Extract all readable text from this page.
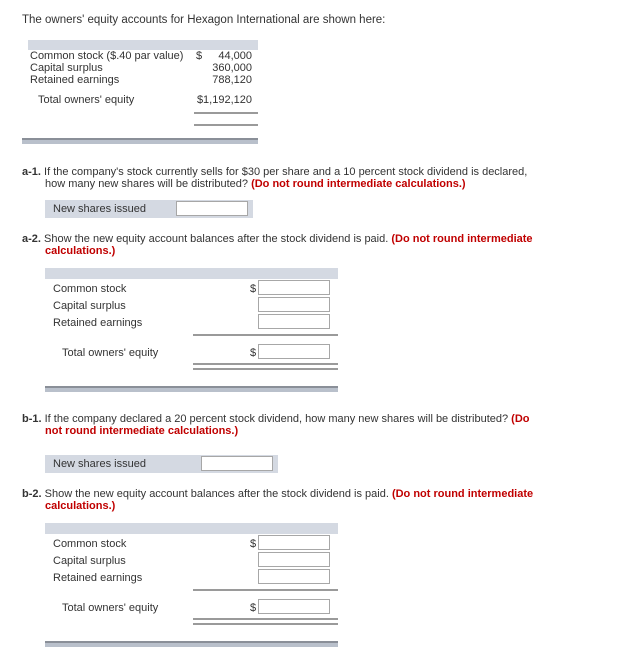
The owners' equity accounts for Hexagon International are shown here:
Common stock ($.40 par value) $ 44,000
Capital surplus	360,000
Retained earnings	788,120
Total owners' equity	$1,192,120
a-1. If the company's stock currently sells for $30 per share and a 10 percent stock dividend is declared,
how many new shares will be distributed? (Do not round intermediate calculations.)
New shares issued
a-2. Show the new equity account balances after the stock dividend is paid. (Do not round intermediate
calculations.)
Common stock	$
Capital surplus
Retained earnings
Total owners' equity	$
b-1. If the company declared a 20 percent stock dividend, how many new shares will be distributed? (Do
not round intermediate calculations.)
New shares issued
b-2. Show the new equity account balances after the stock dividend is paid. (Do not round intermediate
calculations.)
Common stock	$
Capital surplus
Retained earnings
Total owners' equity	$
